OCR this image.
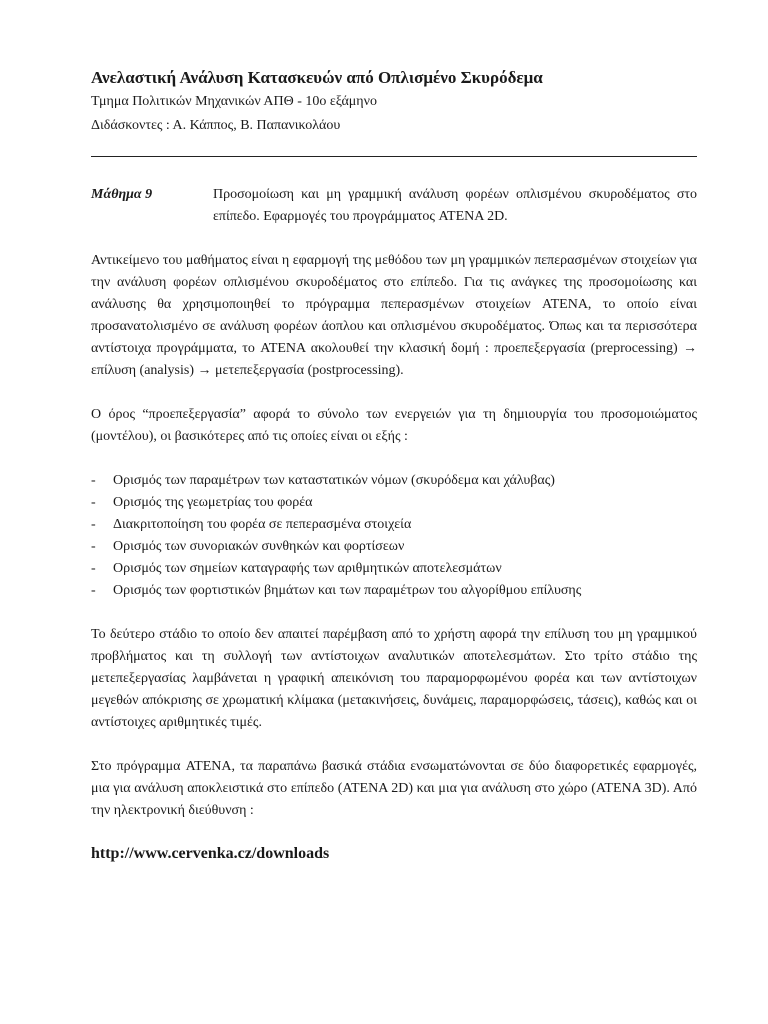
Ανελαστική Ανάλυση Κατασκευών από Οπλισμένο Σκυρόδεμα

Τμημα Πολιτικών Μηχανικών ΑΠΘ - 10ο εξάμηνο

Διδάσκοντες : Α. Κάππος, Β. Παπανικολάου

Μάθημα 9	Προσομοίωση και μη γραμμική ανάλυση φορέων οπλισμένου σκυροδέματος στο επίπεδο. Εφαρμογές του προγράμματος ATENA 2D.

Αντικείμενο του μαθήματος είναι η εφαρμογή της μεθόδου των μη γραμμικών πεπερασμένων στοιχείων για την ανάλυση φορέων οπλισμένου σκυροδέματος στο επίπεδο. Για τις ανάγκες της προσομοίωσης και ανάλυσης θα χρησιμοποιηθεί το πρόγραμμα πεπερασμένων στοιχείων ATENA, το οποίο είναι προσανατολισμένο σε ανάλυση φορέων άοπλου και οπλισμένου σκυροδέματος. Όπως και τα περισσότερα αντίστοιχα προγράμματα, το ATENA ακολουθεί την κλασική δομή : προεπεξεργασία (preprocessing) → επίλυση (analysis) → μετεπεξεργασία (postprocessing).

Ο όρος “προεπεξεργασία” αφορά το σύνολο των ενεργειών για τη δημιουργία του προσομοιώματος (μοντέλου), οι βασικότερες από τις οποίες είναι οι εξής :

-	Ορισμός των παραμέτρων των καταστατικών νόμων (σκυρόδεμα και χάλυβας)
-	Ορισμός της γεωμετρίας του φορέα
-	Διακριτοποίηση του φορέα σε πεπερασμένα στοιχεία
-	Ορισμός των συνοριακών συνθηκών και φορτίσεων
-	Ορισμός των σημείων καταγραφής των αριθμητικών αποτελεσμάτων
-	Ορισμός των φορτιστικών βημάτων και των παραμέτρων του αλγορίθμου επίλυσης

Το δεύτερο στάδιο το οποίο δεν απαιτεί παρέμβαση από το χρήστη αφορά την επίλυση του μη γραμμικού προβλήματος και τη συλλογή των αντίστοιχων αναλυτικών αποτελεσμάτων. Στο τρίτο στάδιο της μετεπεξεργασίας λαμβάνεται η γραφική απεικόνιση του παραμορφωμένου φορέα και των αντίστοιχων μεγεθών απόκρισης σε χρωματική κλίμακα (μετακινήσεις, δυνάμεις, παραμορφώσεις, τάσεις), καθώς και οι αντίστοιχες αριθμητικές τιμές.

Στο πρόγραμμα ATENA, τα παραπάνω βασικά στάδια ενσωματώνονται σε δύο διαφορετικές εφαρμογές, μια για ανάλυση αποκλειστικά στο επίπεδο (ATENA 2D) και μια για ανάλυση στο χώρο (ATENA 3D). Από την ηλεκτρονική διεύθυνση :

http://www.cervenka.cz/downloads
